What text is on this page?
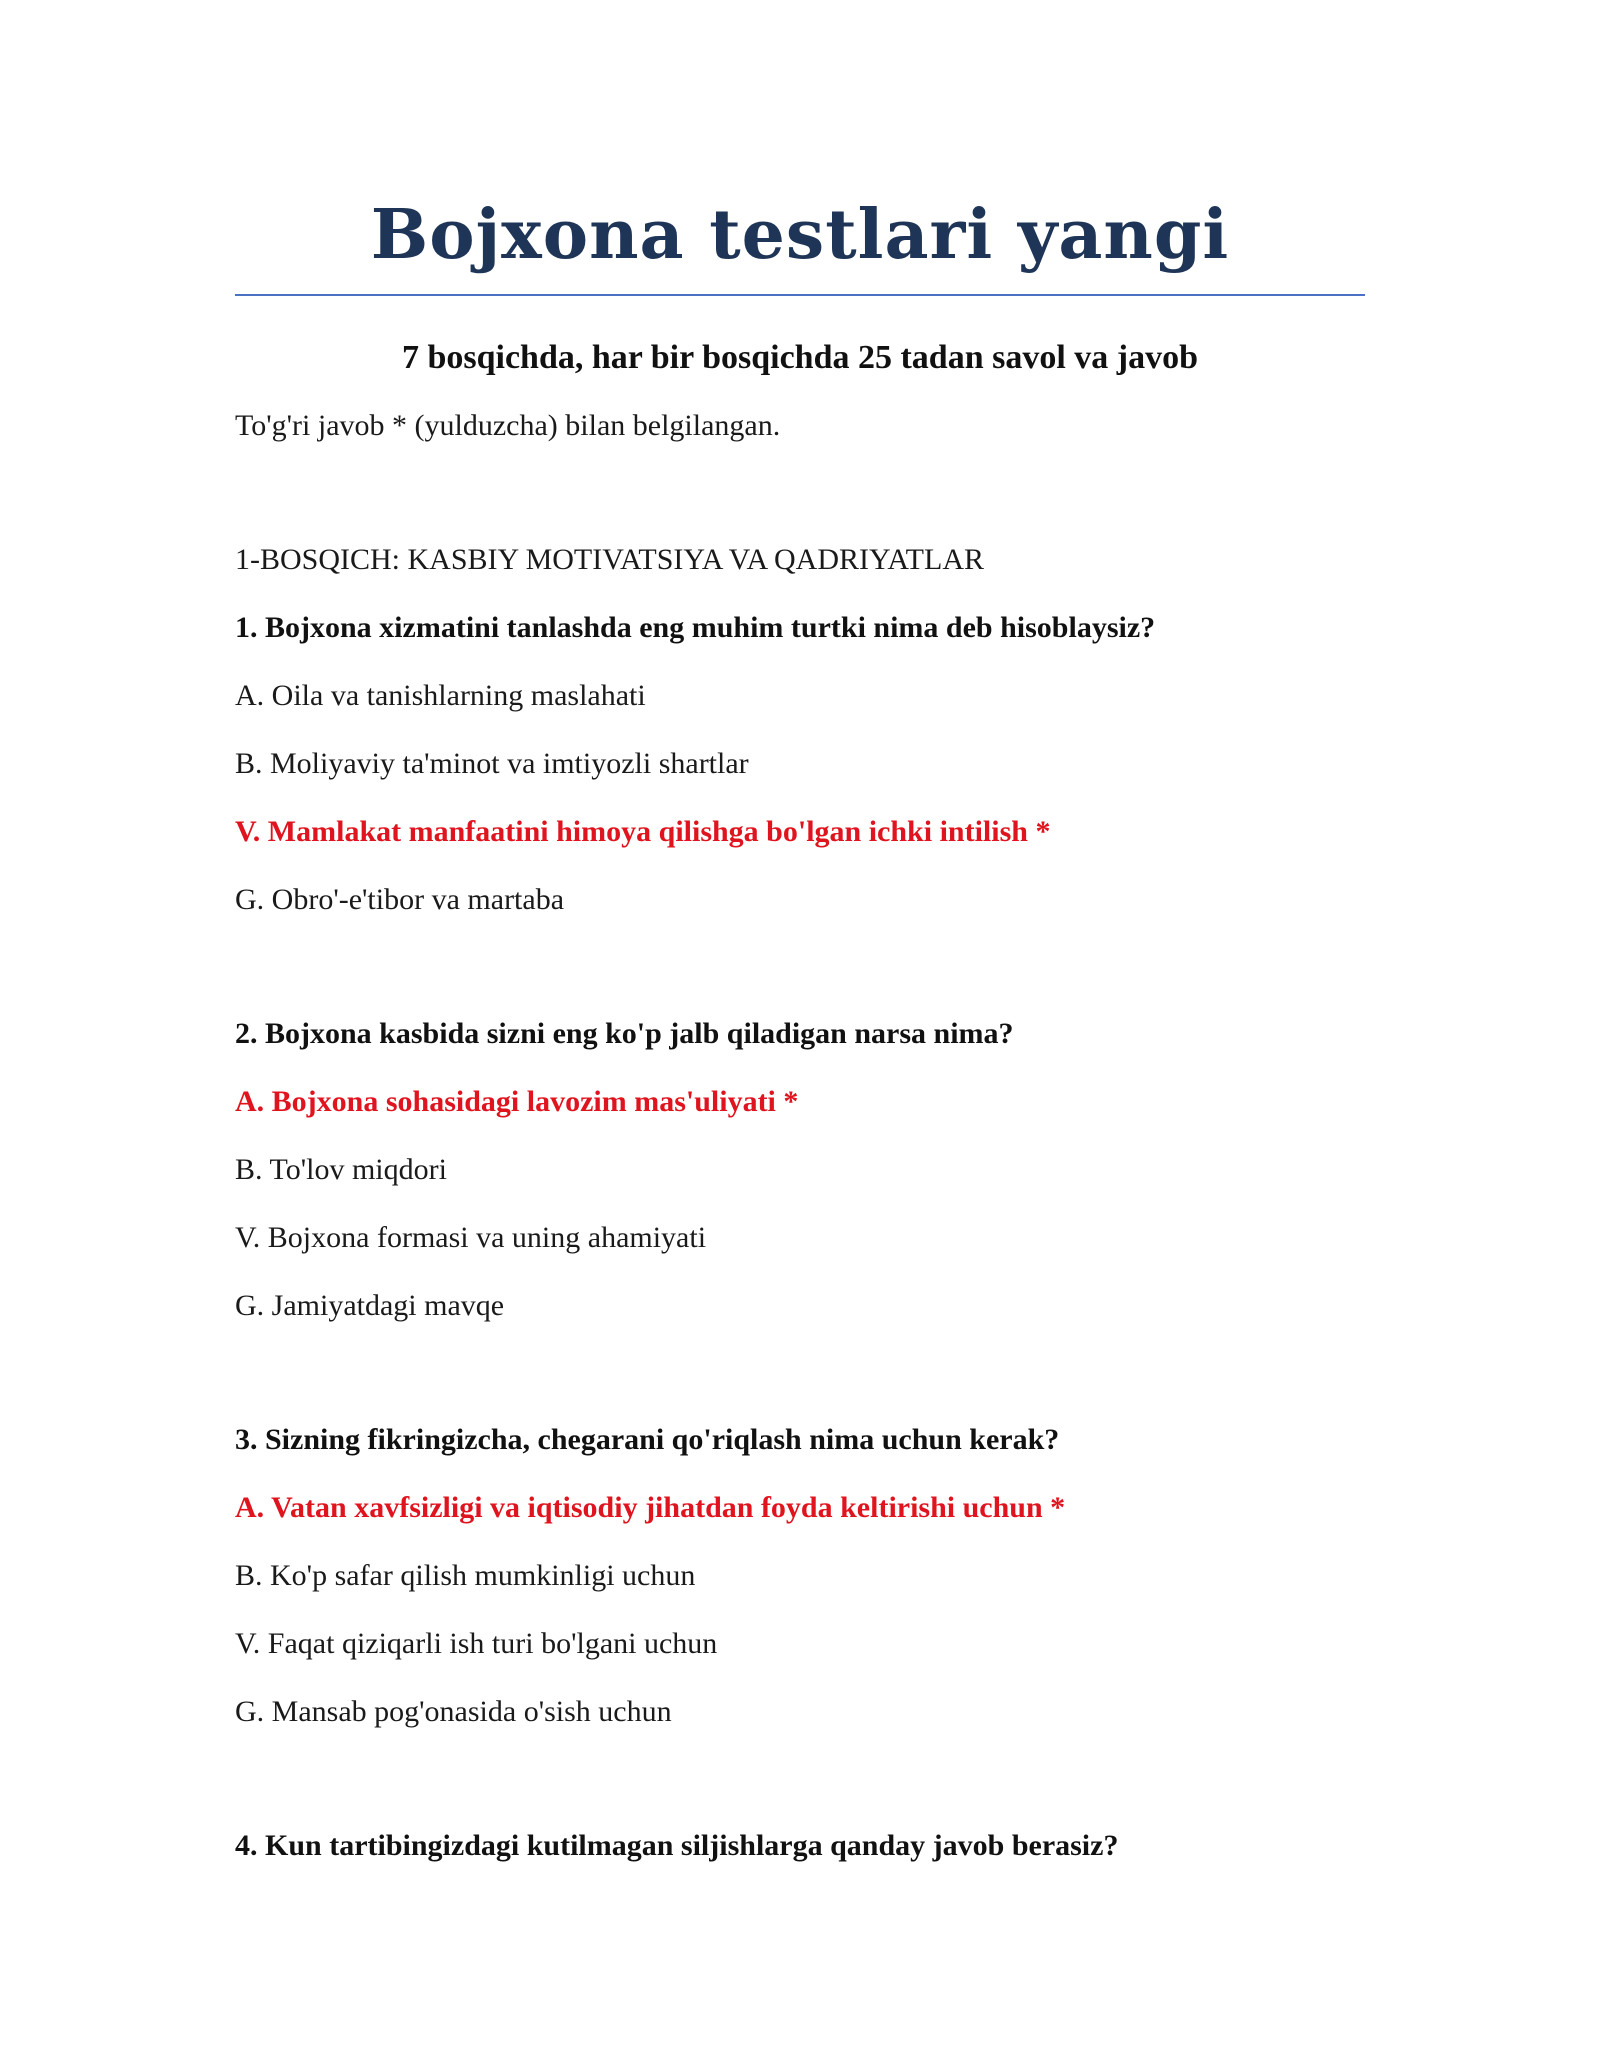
Bojxona testlari yangi

7 bosqichda, har bir bosqichda 25 tadan savol va javob

To'g'ri javob * (yulduzcha) bilan belgilangan.

1-BOSQICH: KASBIY MOTIVATSIYA VA QADRIYATLAR

1. Bojxona xizmatini tanlashda eng muhim turtki nima deb hisoblaysiz?

A. Oila va tanishlarning maslahati

B. Moliyaviy ta'minot va imtiyozli shartlar

V. Mamlakat manfaatini himoya qilishga bo'lgan ichki intilish *

G. Obro'-e'tibor va martaba

2. Bojxona kasbida sizni eng ko'p jalb qiladigan narsa nima?

A. Bojxona sohasidagi lavozim mas'uliyati *

B. To'lov miqdori

V. Bojxona formasi va uning ahamiyati

G. Jamiyatdagi mavqe

3. Sizning fikringizcha, chegarani qo'riqlash nima uchun kerak?

A. Vatan xavfsizligi va iqtisodiy jihatdan foyda keltirishi uchun *

B. Ko'p safar qilish mumkinligi uchun

V. Faqat qiziqarli ish turi bo'lgani uchun

G. Mansab pog'onasida o'sish uchun

4. Kun tartibingizdagi kutilmagan siljishlarga qanday javob berasiz?
